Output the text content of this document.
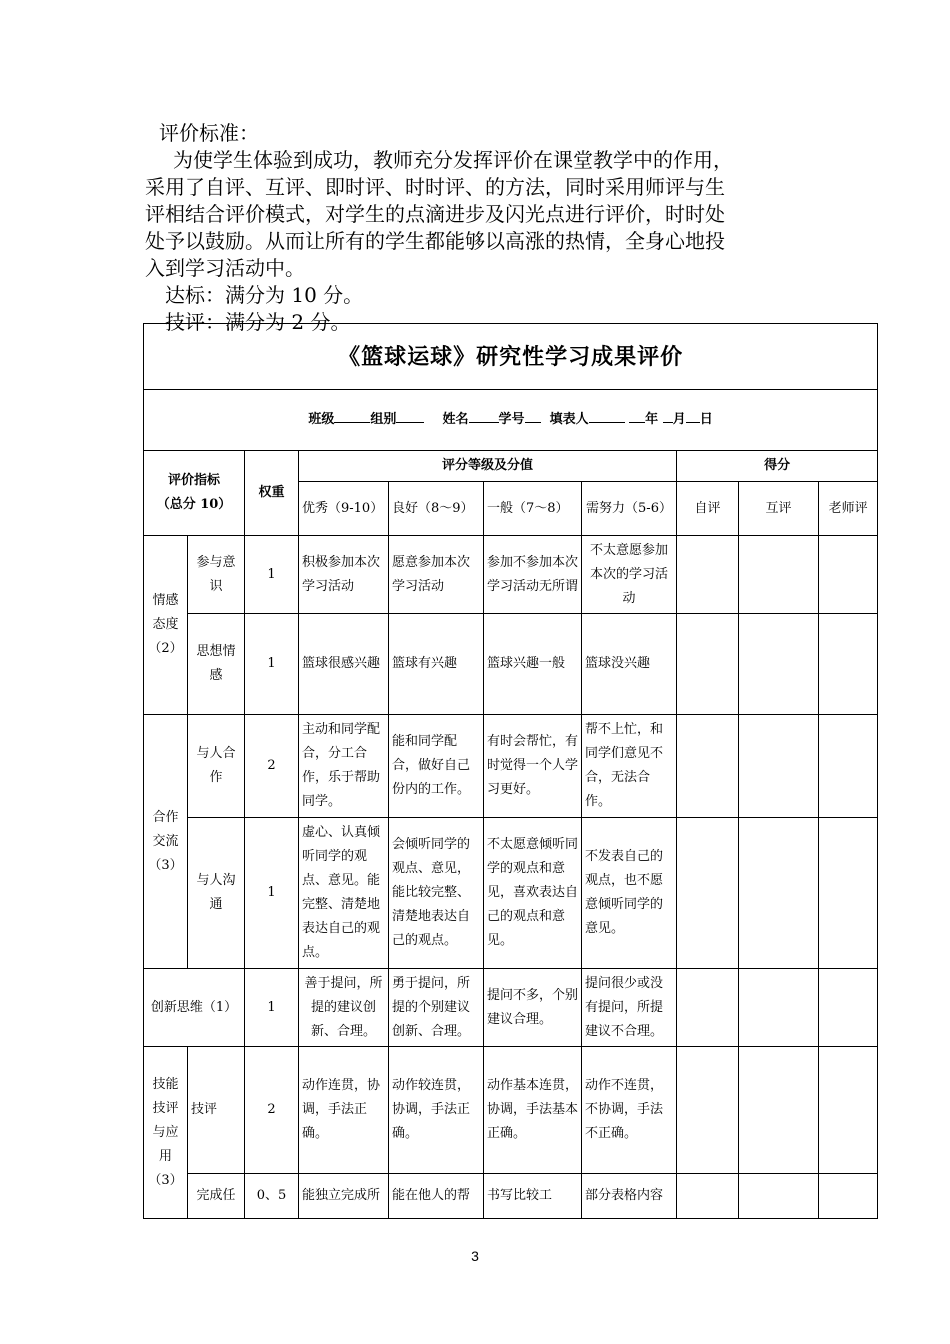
评价标准：

为使学生体验到成功，教师充分发挥评价在课堂教学中的作用，

采用了自评、互评、即时评、时时评、的方法，同时采用师评与生

评相结合评价模式，对学生的点滴进步及闪光点进行评价，时时处

处予以鼓励。从而让所有的学生都能够以高涨的热情，全身心地投

入到学习活动中。

达标：满分为 10 分。

技评：满分为 2 分。

《篮球运球》研究性学习成果评价									
班级 组别 姓名 学号 填表人 年 月 日									

评价指标
（总分 10）		权重	评分等级及分值				得分		
			优秀（9-10）	良好（8～9）	一般（7～8）	需努力（5-6）	自评	互评	老师评
情感态度（2）	参与意识	1	积极参加本次学习活动	愿意参加本次学习活动	参加不参加本次学习活动无所谓	不太意愿参加本次的学习活动			
	思想情感	1	篮球很感兴趣	篮球有兴趣	篮球兴趣一般	篮球没兴趣			
合作交流（3）	与人合作	2	主动和同学配合，分工合作，乐于帮助同学。	能和同学配合，做好自己份内的工作。	有时会帮忙，有时觉得一个人学习更好。	帮不上忙，和同学们意见不合，无法合作。			
	与人沟通	1	虚心、认真倾听同学的观点、意见。能完整、清楚地表达自己的观点。	会倾听同学的观点、意见，能比较完整、清楚地表达自己的观点。	不太愿意倾听同学的观点和意见，喜欢表达自己的观点和意见。	不发表自己的观点，也不愿意倾听同学的意见。			
创新思维（1）		1	善于提问，所提的建议创新、合理。	勇于提问，所提的个别建议创新、合理。	提问不多，个别建议合理。	提问很少或没有提问，所提建议不合理。			
技能技评与应用（3）	技评	2	动作连贯，协调，手法正确。	动作较连贯，协调，手法正确。	动作基本连贯，协调，手法基本正确。	动作不连贯，不协调，手法不正确。			
	完成任	0、5	能独立完成所	能在他人的帮	书写比较工	部分表格内容			
3
